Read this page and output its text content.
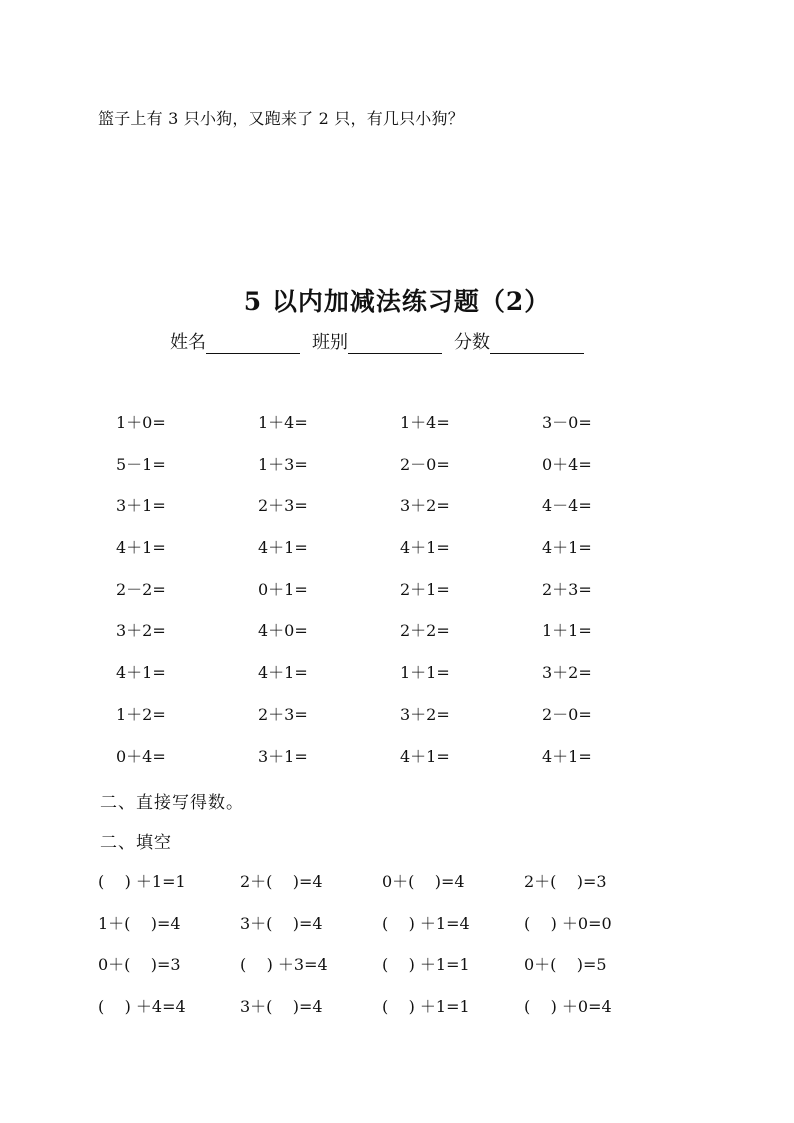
篮子上有 3 只小狗，又跑来了 2 只，有几只小狗？
5 以内加减法练习题（2）
姓名	班别	分数
1＋0=	1＋4=	1＋4=	3－0=
5－1=	1＋3=	2－0=	0＋4=
3＋1=	2＋3=	3＋2=	4－4=
4＋1=	4＋1=	4＋1=	4＋1=
2－2=	0＋1=	2＋1=	2＋3=
3＋2=	4＋0=	2＋2=	1＋1=
4＋1=	4＋1=	1＋1=	3＋2=
1＋2=	2＋3=	3＋2=	2－0=
0＋4=	3＋1=	4＋1=	4＋1=
二、直接写得数。
二、填空
(    ) ＋1=1	2＋(    )=4	0＋(    )=4	2＋(    )=3
1＋(    )=4	3＋(    )=4	(    ) ＋1=4	(    ) ＋0=0
0＋(    )=3	(    ) ＋3=4	(    ) ＋1=1	0＋(    )=5
(    ) ＋4=4	3＋(    )=4	(    ) ＋1=1	(    ) ＋0=4
